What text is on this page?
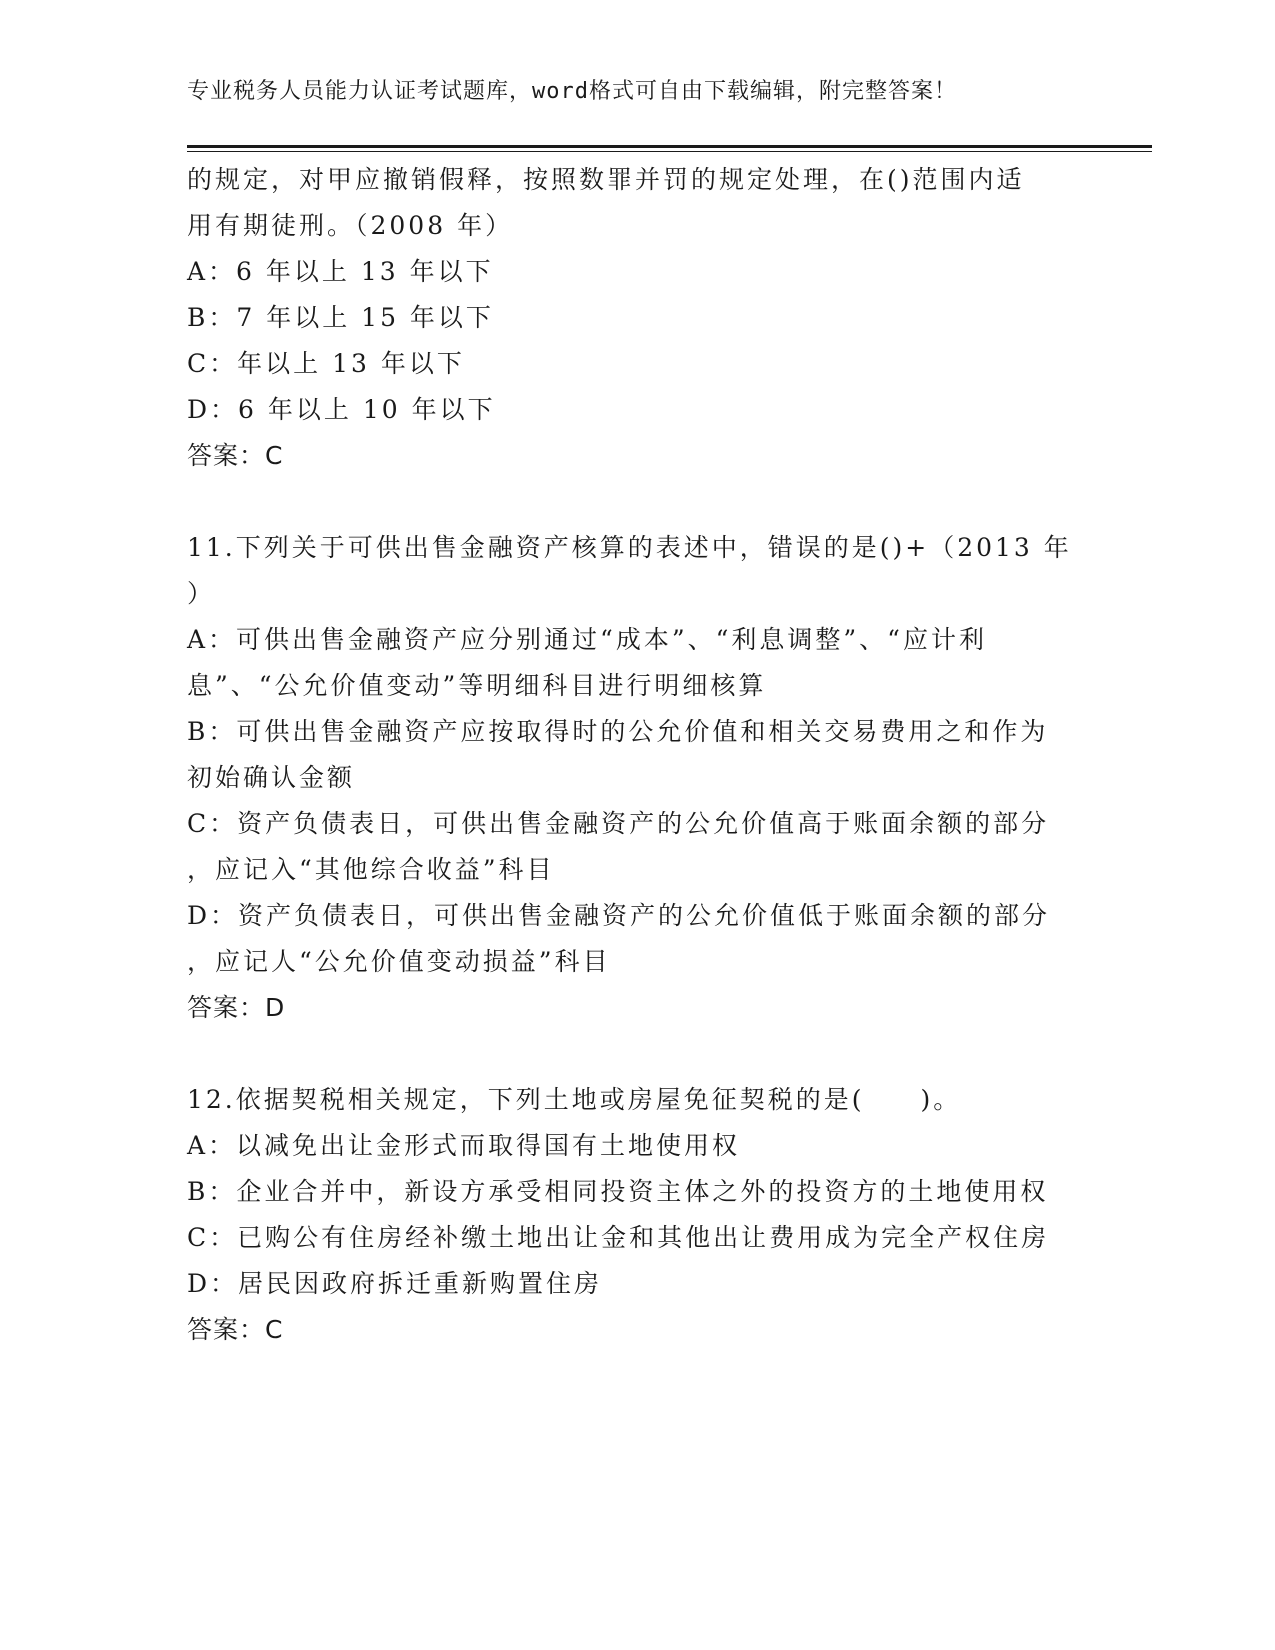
专业税务人员能力认证考试题库，word格式可自由下载编辑，附完整答案！
的规定，对甲应撤销假释，按照数罪并罚的规定处理，在()范围内适
用有期徒刑。（2008 年）
A：6 年以上 13 年以下
B：7 年以上 15 年以下
C：年以上 13 年以下
D：6 年以上 10 年以下
答案：C
11.下列关于可供出售金融资产核算的表述中，错误的是()+（2013 年
）
A：可供出售金融资产应分别通过“成本”、“利息调整”、“应计利
息”、“公允价值变动”等明细科目进行明细核算
B：可供出售金融资产应按取得时的公允价值和相关交易费用之和作为
初始确认金额
C：资产负债表日，可供出售金融资产的公允价值高于账面余额的部分
，应记入“其他综合收益”科目
D：资产负债表日，可供出售金融资产的公允价值低于账面余额的部分
，应记人“公允价值变动损益”科目
答案：D
12.依据契税相关规定，下列土地或房屋免征契税的是(　　)。
A：以减免出让金形式而取得国有土地使用权
B：企业合并中，新设方承受相同投资主体之外的投资方的土地使用权
C：已购公有住房经补缴土地出让金和其他出让费用成为完全产权住房
D：居民因政府拆迁重新购置住房
答案：C
